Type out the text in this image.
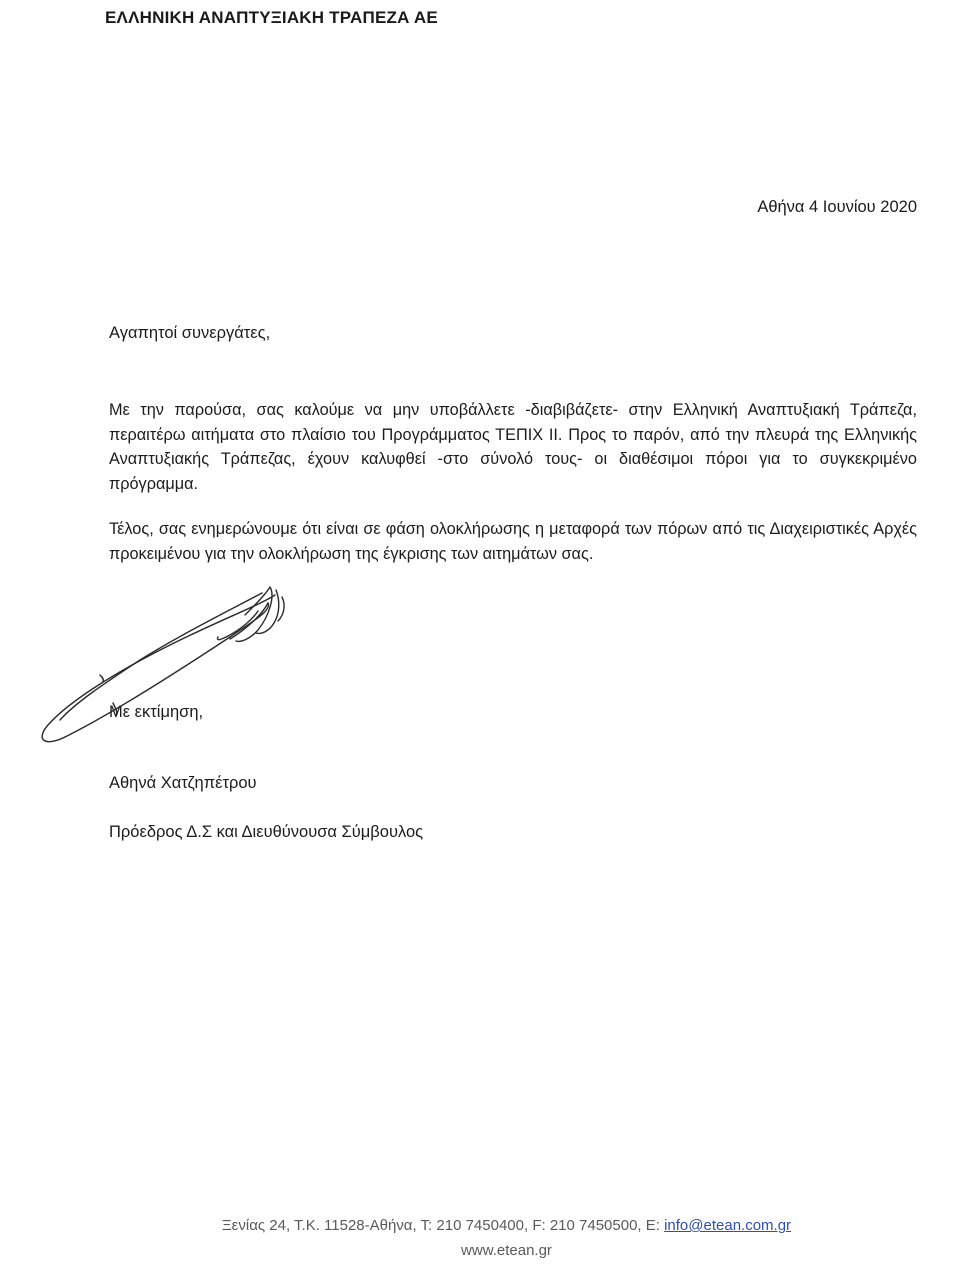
ΕΛΛΗΝΙΚΗ ΑΝΑΠΤΥΞΙΑΚΗ ΤΡΑΠΕΖΑ ΑΕ
Αθήνα 4 Ιουνίου 2020
Αγαπητοί συνεργάτες,
Με την παρούσα, σας καλούμε να μην υποβάλλετε -διαβιβάζετε- στην Ελληνική Αναπτυξιακή Τράπεζα, περαιτέρω αιτήματα στο πλαίσιο του Προγράμματος ΤΕΠΙΧ ΙΙ. Προς το παρόν, από την πλευρά της Ελληνικής Αναπτυξιακής Τράπεζας, έχουν καλυφθεί -στο σύνολό τους- οι διαθέσιμοι πόροι για το συγκεκριμένο πρόγραμμα.
Τέλος, σας ενημερώνουμε ότι είναι σε φάση ολοκλήρωσης η μεταφορά των πόρων από τις Διαχειριστικές Αρχές προκειμένου για την ολοκλήρωση της έγκρισης των αιτημάτων σας.
Με εκτίμηση,
Αθηνά Χατζηπέτρου
Πρόεδρος Δ.Σ και Διευθύνουσα Σύμβουλος
Ξενίας 24, Τ.Κ. 11528-Αθήνα, Τ: 210 7450400, F: 210 7450500, E: info@etean.com.gr
www.etean.gr
